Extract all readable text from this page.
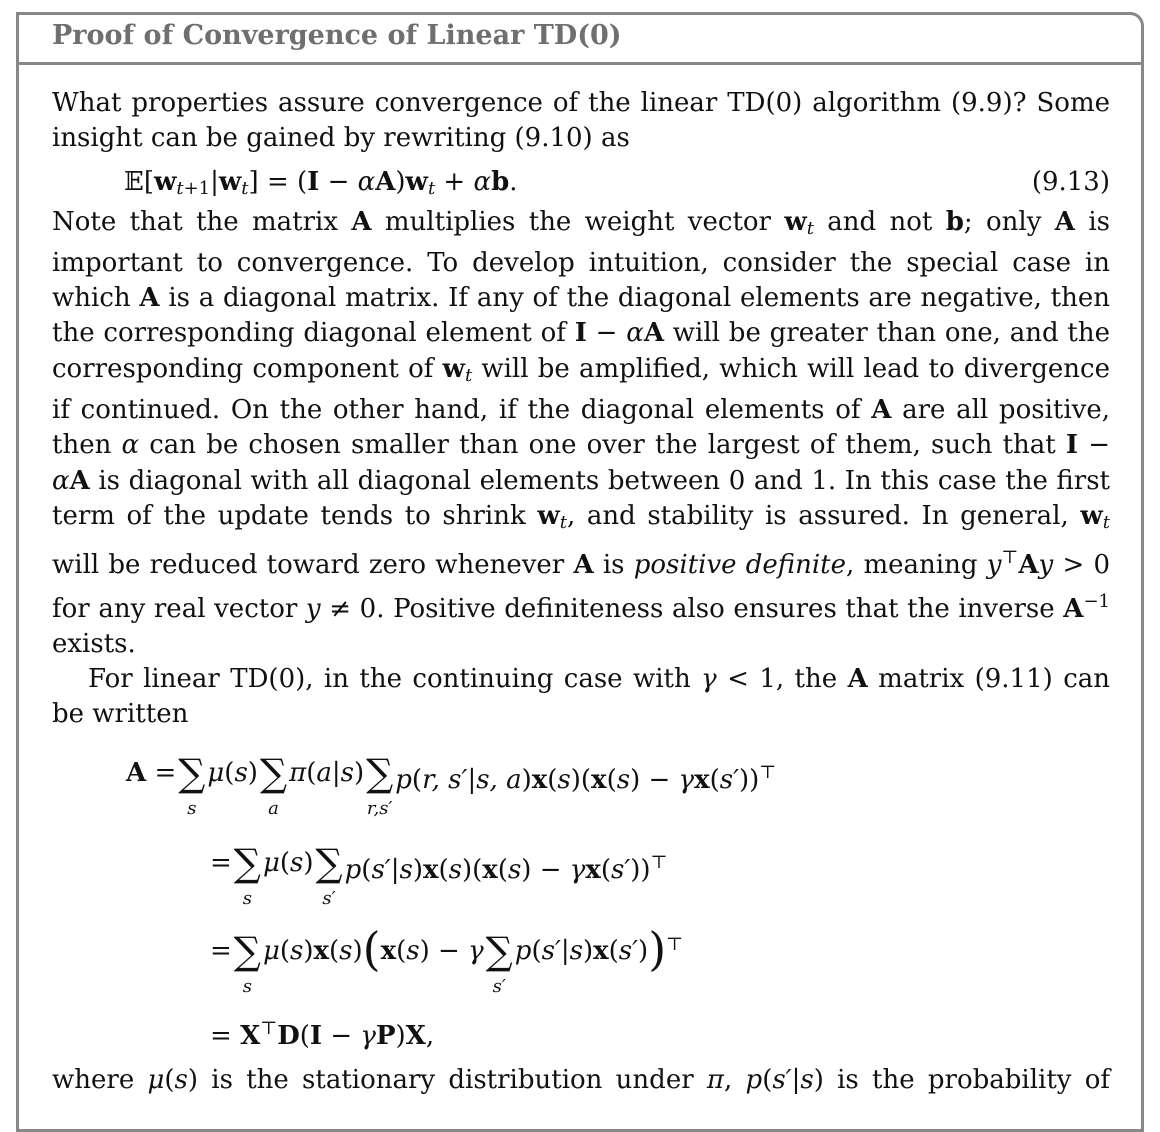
Proof of Convergence of Linear TD(0)

What properties assure convergence of the linear TD(0) algorithm (9.9)? Some insight can be gained by rewriting (9.10) as

$𝔼[w_{t+1}|w_t] = (I - \alpha A)w_t + \alpha b$.	(9.13)

Note that the matrix A multiplies the weight vector $w_t$ and not b; only A is important to convergence. To develop intuition, consider the special case in which A is a diagonal matrix. If any of the diagonal elements are negative, then the corresponding diagonal element of I − αA will be greater than one, and the corresponding component of $w_t$ will be amplified, which will lead to divergence if continued. On the other hand, if the diagonal elements of A are all positive, then α can be chosen smaller than one over the largest of them, such that I − αA is diagonal with all diagonal elements between 0 and 1. In this case the first term of the update tends to shrink $w_t$, and stability is assured. In general, $w_t$ will be reduced toward zero whenever A is positive definite, meaning y⊤Ay > 0 for any real vector y ≠ 0. Positive definiteness also ensures that the inverse $A^{-1}$ exists.

For linear TD(0), in the continuing case with γ < 1, the A matrix (9.11) can be written

A = ∑
s
μ(s) ∑
a
π(a|s) ∑
r,s′
p(r, s′|s, a)x(s)(x(s) − γx(s′))⊤
= ∑
s
μ(s) ∑
s′
p(s′|s)x(s)(x(s) − γx(s′))⊤
= ∑
s
μ(s)x(s) ( x(s) − γ ∑
s′
p(s′|s)x(s′) ) ⊤
= X⊤D(I − γP)X,

where μ(s) is the stationary distribution under π, p(s′|s) is the probability of
